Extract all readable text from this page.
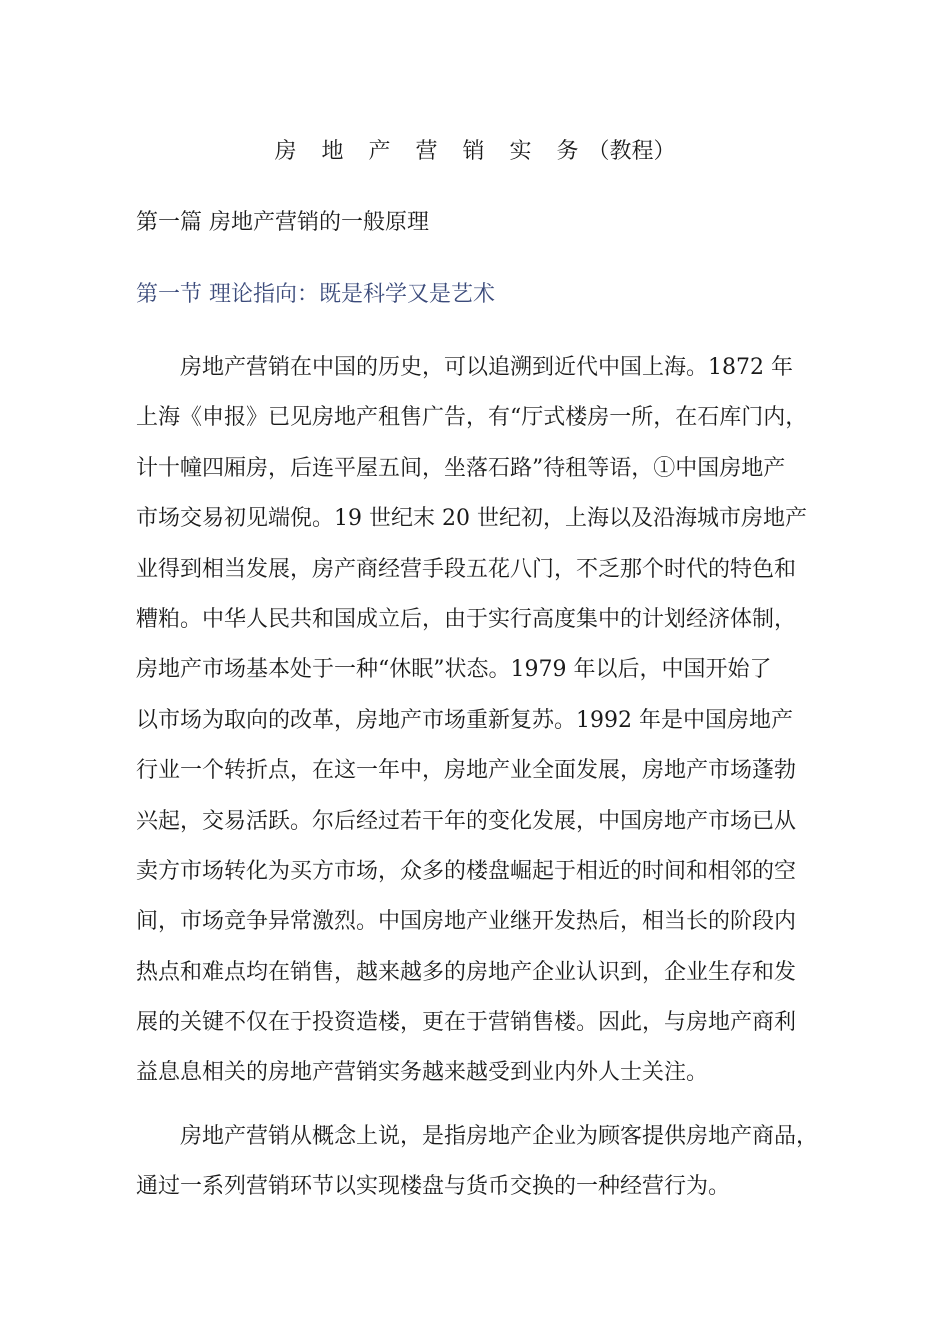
房 地 产 营 销 实 务（教程）
第一篇 房地产营销的一般原理
第一节 理论指向：既是科学又是艺术
房地产营销在中国的历史，可以追溯到近代中国上海。1872 年
上海《申报》已见房地产租售广告，有“厅式楼房一所，在石库门内，
计十幢四厢房，后连平屋五间，坐落石路”待租等语，①中国房地产
市场交易初见端倪。19 世纪末 20 世纪初，上海以及沿海城市房地产
业得到相当发展，房产商经营手段五花八门，不乏那个时代的特色和
糟粕。中华人民共和国成立后，由于实行高度集中的计划经济体制，
房地产市场基本处于一种“休眠”状态。1979 年以后，中国开始了
以市场为取向的改革，房地产市场重新复苏。1992 年是中国房地产
行业一个转折点，在这一年中，房地产业全面发展，房地产市场蓬勃
兴起，交易活跃。尔后经过若干年的变化发展，中国房地产市场已从
卖方市场转化为买方市场，众多的楼盘崛起于相近的时间和相邻的空
间，市场竞争异常激烈。中国房地产业继开发热后，相当长的阶段内
热点和难点均在销售，越来越多的房地产企业认识到，企业生存和发
展的关键不仅在于投资造楼，更在于营销售楼。因此，与房地产商利
益息息相关的房地产营销实务越来越受到业内外人士关注。
房地产营销从概念上说，是指房地产企业为顾客提供房地产商品，
通过一系列营销环节以实现楼盘与货币交换的一种经营行为。
